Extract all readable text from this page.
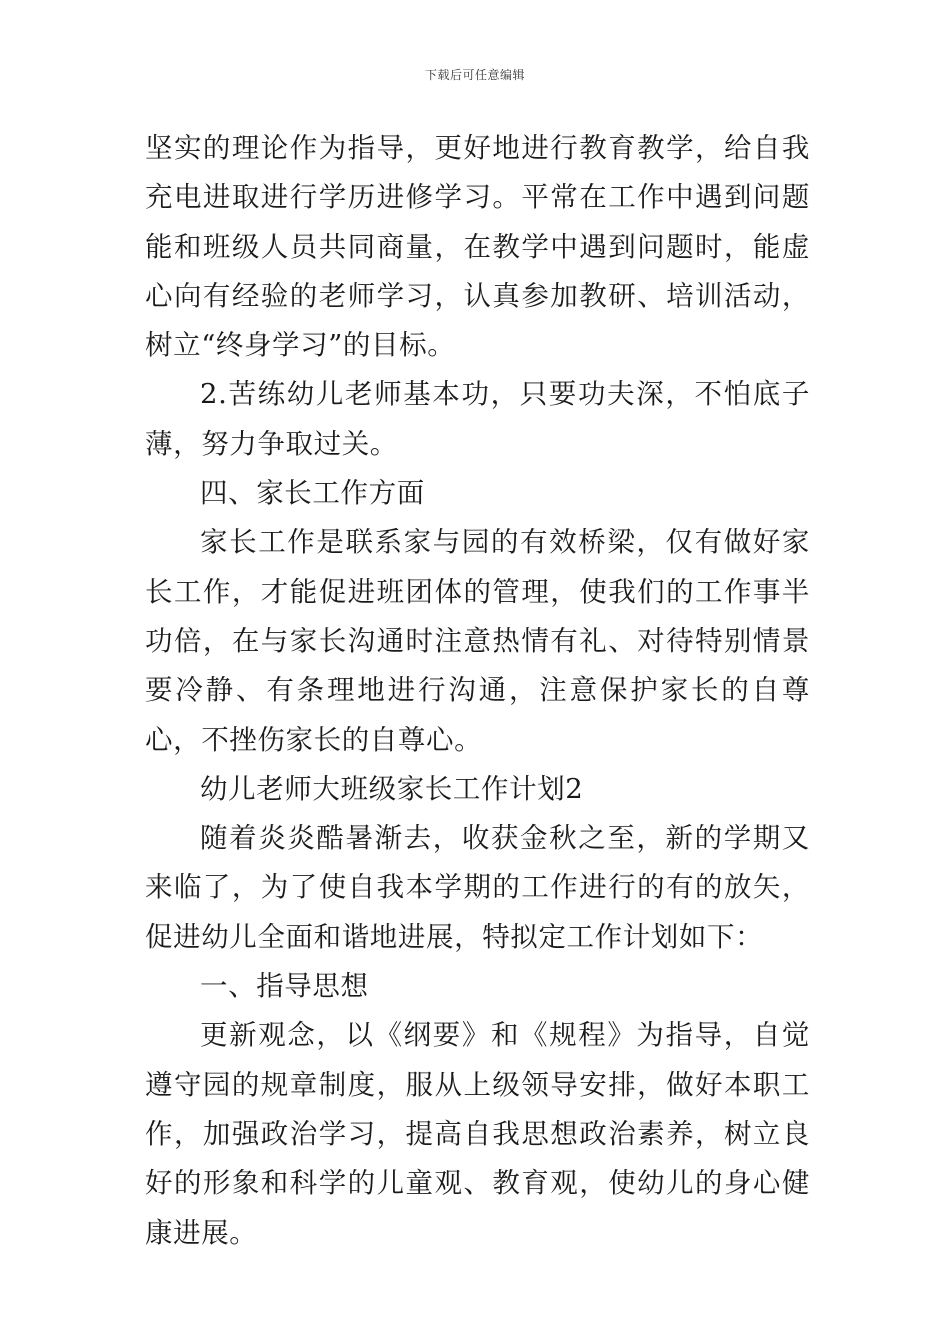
下载后可任意编辑

坚实的理论作为指导，更好地进行教育教学，给自我充电进取进行学历进修学习。平常在工作中遇到问题能和班级人员共同商量，在教学中遇到问题时，能虚心向有经验的老师学习，认真参加教研、培训活动，树立“终身学习”的目标。

2.苦练幼儿老师基本功，只要功夫深，不怕底子薄，努力争取过关。

四、家长工作方面

家长工作是联系家与园的有效桥梁，仅有做好家长工作，才能促进班团体的管理，使我们的工作事半功倍，在与家长沟通时注意热情有礼、对待特别情景要冷静、有条理地进行沟通，注意保护家长的自尊心，不挫伤家长的自尊心。

幼儿老师大班级家长工作计划2

随着炎炎酷暑渐去，收获金秋之至，新的学期又来临了，为了使自我本学期的工作进行的有的放矢，促进幼儿全面和谐地进展，特拟定工作计划如下：

一、指导思想

更新观念，以《纲要》和《规程》为指导，自觉遵守园的规章制度，服从上级领导安排，做好本职工作，加强政治学习，提高自我思想政治素养，树立良好的形象和科学的儿童观、教育观，使幼儿的身心健康进展。
